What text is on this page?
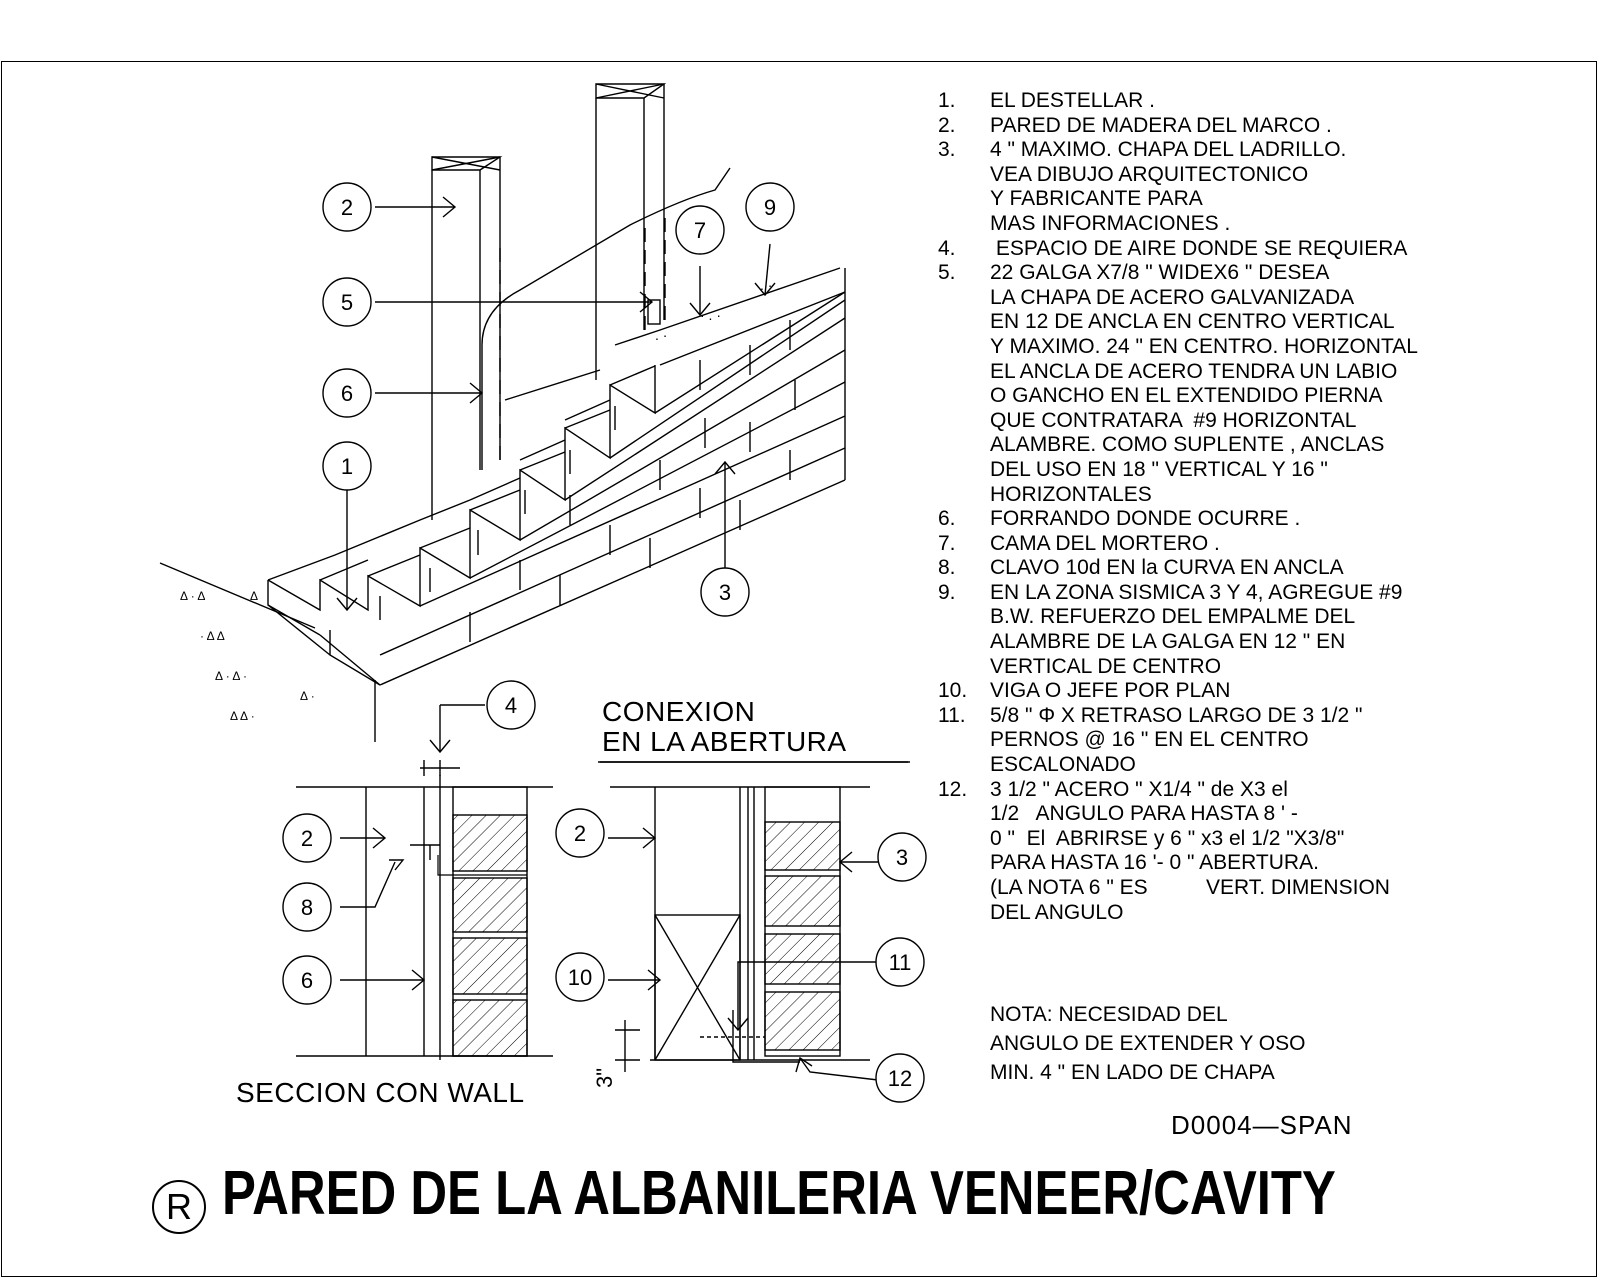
Δ · Δ
· Δ Δ
Δ · Δ ·
Δ Δ ·
Δ
Δ ·
. ·
· . ·
. · .
2
5
6
1
7
9
3
4
2
8
6
2
10
3
11
12
3"
CONEXION
EN LA ABERTURA
SECCION CON WALL
1.	EL DESTELLAR .
2.	PARED DE MADERA DEL MARCO .
3.	4 " MAXIMO. CHAPA DEL LADRILLO.
VEA DIBUJO ARQUITECTONICO
Y FABRICANTE PARA
MAS INFORMACIONES .
4.	ESPACIO DE AIRE DONDE SE REQUIERA
5.	22 GALGA X7/8 " WIDEX6 " DESEA
LA CHAPA DE ACERO GALVANIZADA
EN 12 DE ANCLA EN CENTRO VERTICAL
Y MAXIMO. 24 " EN CENTRO. HORIZONTAL
EL ANCLA DE ACERO TENDRA UN LABIO
O GANCHO EN EL EXTENDIDO PIERNA
QUE CONTRATARA  #9 HORIZONTAL
ALAMBRE. COMO SUPLENTE , ANCLAS
DEL USO EN 18 " VERTICAL Y 16 "
HORIZONTALES
6.	FORRANDO DONDE OCURRE .
7.	CAMA DEL MORTERO .
8.	CLAVO 10d EN la CURVA EN ANCLA
9.	EN LA ZONA SISMICA 3 Y 4, AGREGUE #9
B.W. REFUERZO DEL EMPALME DEL
ALAMBRE DE LA GALGA EN 12 " EN
VERTICAL DE CENTRO
10.	VIGA O JEFE POR PLAN
11.	5/8 " Φ X RETRASO LARGO DE 3 1/2 "
PERNOS @ 16 " EN EL CENTRO
ESCALONADO
12.	3 1/2 " ACERO " X1/4 " de X3 el
1/2   ANGULO PARA HASTA 8 ' -
0 "  El  ABRIRSE y 6 " x3 el 1/2 "X3/8"
PARA HASTA 16 '- 0 " ABERTURA.
(LA NOTA 6 " ES          VERT. DIMENSION
DEL ANGULO
NOTA: NECESIDAD DEL
ANGULO DE EXTENDER Y OSO
MIN. 4 " EN LADO DE CHAPA
D0004—SPAN
R PARED DE LA ALBANILERIA VENEER/CAVITY
